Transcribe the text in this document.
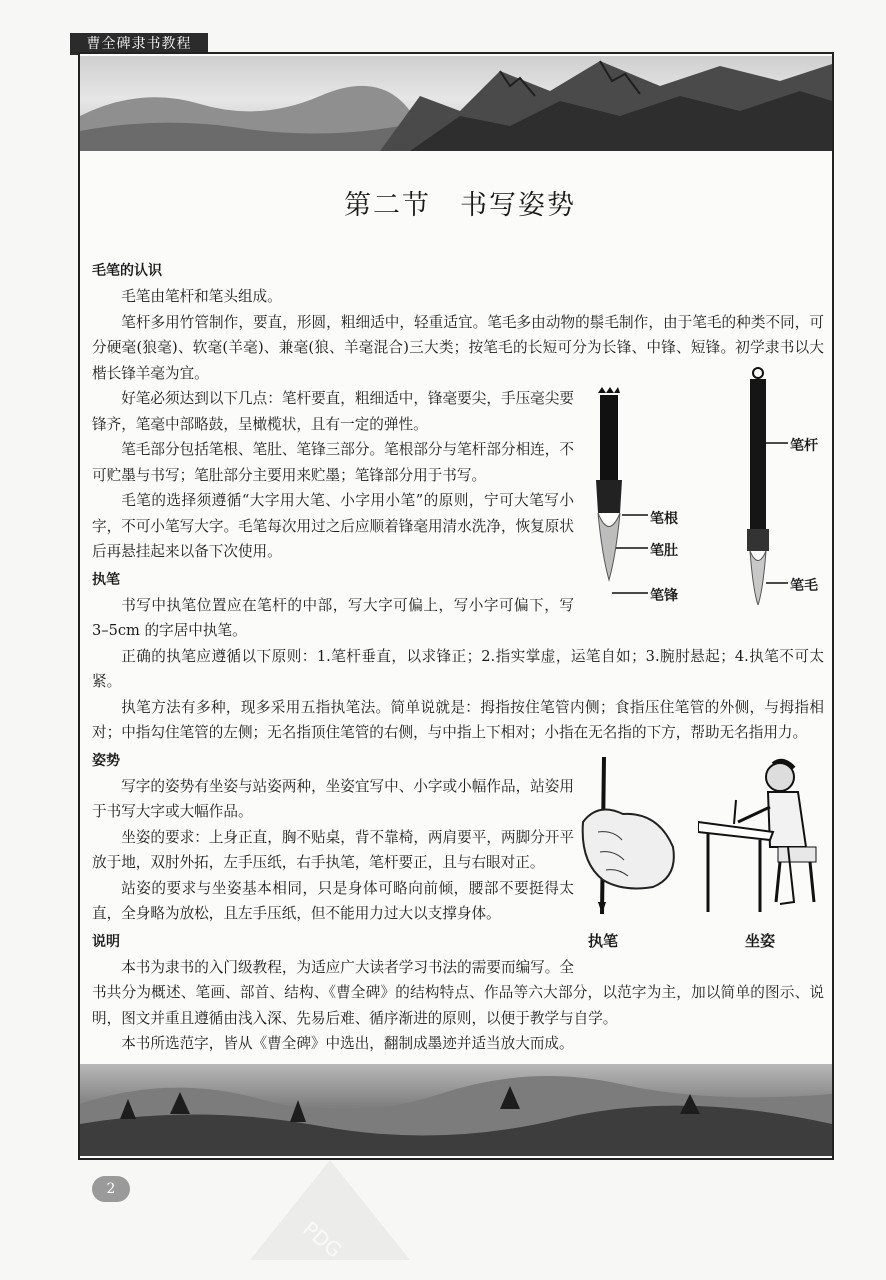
曹全碑隶书教程
第二节　书写姿势
毛笔的认识

毛笔由笔杆和笔头组成。

笔杆多用竹管制作，要直，形圆，粗细适中，轻重适宜。笔毛多由动物的鬃毛制作，由于笔毛的种类不同，可分硬毫(狼毫)、软毫(羊毫)、兼毫(狼、羊毫混合)三大类；按笔毛的长短可分为长锋、中锋、短锋。初学隶书以大楷长锋羊毫为宜。

好笔必须达到以下几点：笔杆要直，粗细适中，锋毫要尖，手压毫尖要锋齐，笔毫中部略鼓，呈橄榄状，且有一定的弹性。

笔毛部分包括笔根、笔肚、笔锋三部分。笔根部分与笔杆部分相连，不可贮墨与书写；笔肚部分主要用来贮墨；笔锋部分用于书写。

毛笔的选择须遵循“大字用大笔、小字用小笔”的原则，宁可大笔写小字，不可小笔写大字。毛笔每次用过之后应顺着锋毫用清水洗净，恢复原状后再悬挂起来以备下次使用。

执笔

书写中执笔位置应在笔杆的中部，写大字可偏上，写小字可偏下，写 3–5cm 的字居中执笔。

正确的执笔应遵循以下原则：1.笔杆垂直，以求锋正；2.指实掌虚，运笔自如；3.腕肘悬起；4.执笔不可太紧。

执笔方法有多种，现多采用五指执笔法。简单说就是：拇指按住笔管内侧；食指压住笔管的外侧，与拇指相对；中指勾住笔管的左侧；无名指顶住笔管的右侧，与中指上下相对；小指在无名指的下方，帮助无名指用力。

姿势

写字的姿势有坐姿与站姿两种，坐姿宜写中、小字或小幅作品，站姿用于书写大字或大幅作品。

坐姿的要求：上身正直，胸不贴桌，背不靠椅，两肩要平，两脚分开平放于地，双肘外拓，左手压纸，右手执笔，笔杆要正，且与右眼对正。

站姿的要求与坐姿基本相同，只是身体可略向前倾，腰部不要挺得太直，全身略为放松，且左手压纸，但不能用力过大以支撑身体。

说明

本书为隶书的入门级教程，为适应广大读者学习书法的需要而编写。全书共分为概述、笔画、部首、结构、《曹全碑》的结构特点、作品等六大部分，以范字为主，加以简单的图示、说明，图文并重且遵循由浅入深、先易后难、循序渐进的原则，以便于教学与自学。

本书所选范字，皆从《曹全碑》中选出，翻制成墨迹并适当放大而成。

笔根
笔肚
笔锋
笔杆
笔毛
执笔	坐姿
2
PDG
